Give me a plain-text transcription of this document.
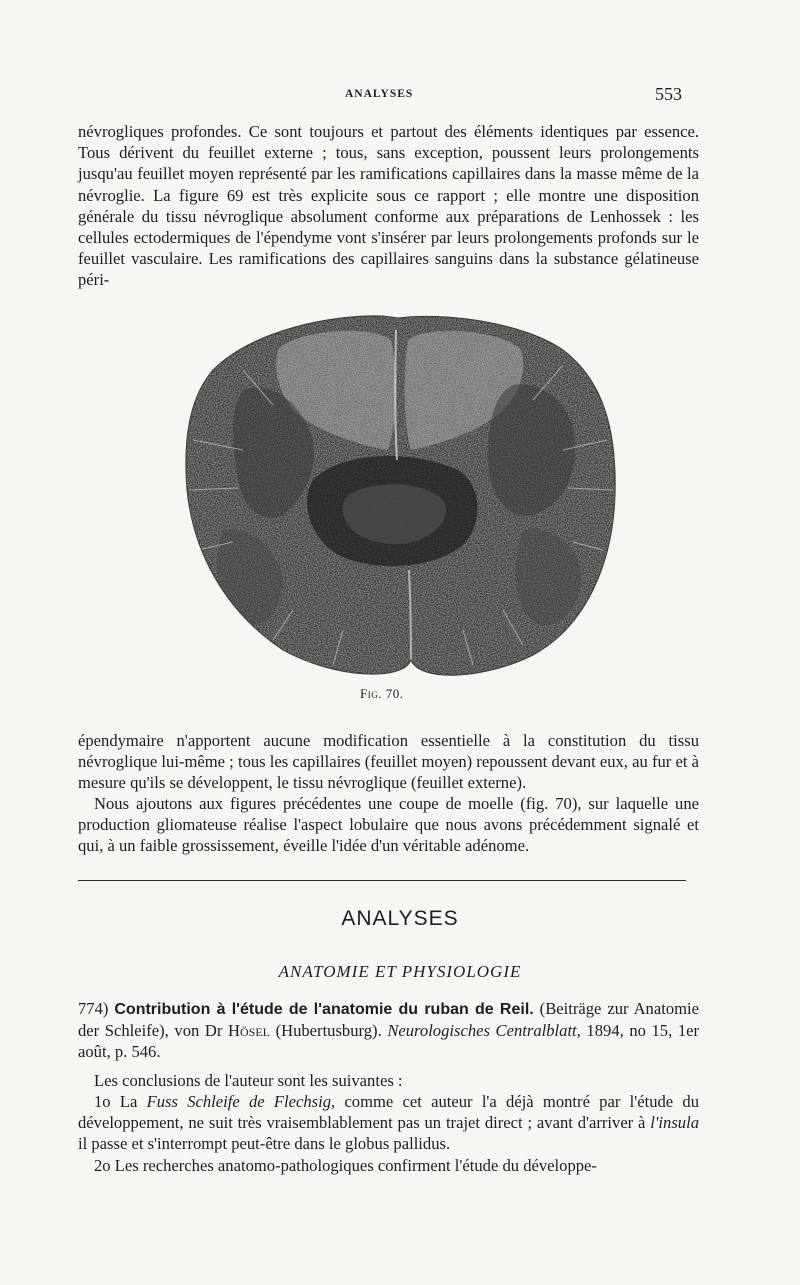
ANALYSES	553

névrogliques profondes. Ce sont toujours et partout des éléments identiques par essence. Tous dérivent du feuillet externe ; tous, sans exception, poussent leurs prolongements jusqu'au feuillet moyen représenté par les ramifications capillaires dans la masse même de la névroglie. La figure 69 est très explicite sous ce rapport ; elle montre une disposition générale du tissu névroglique absolument conforme aux préparations de Lenhossek : les cellules ectodermiques de l'épendyme vont s'insérer par leurs prolongements profonds sur le feuillet vasculaire. Les ramifications des capillaires sanguins dans la substance gélatineuse péri-

Fig. 70.

épendymaire n'apportent aucune modification essentielle à la constitution du tissu névroglique lui-même ; tous les capillaires (feuillet moyen) repoussent devant eux, au fur et à mesure qu'ils se développent, le tissu névroglique (feuillet externe).

Nous ajoutons aux figures précédentes une coupe de moelle (fig. 70), sur laquelle une production gliomateuse réalise l'aspect lobulaire que nous avons précédemment signalé et qui, à un faible grossissement, éveille l'idée d'un véritable adénome.

ANALYSES
ANATOMIE ET PHYSIOLOGIE

774) Contribution à l'étude de l'anatomie du ruban de Reil. (Beiträge zur Anatomie der Schleife), von Dr Hösel (Hubertusburg). Neurologisches Centralblatt, 1894, no 15, 1er août, p. 546.

Les conclusions de l'auteur sont les suivantes :

1o La Fuss Schleife de Flechsig, comme cet auteur l'a déjà montré par l'étude du développement, ne suit très vraisemblablement pas un trajet direct ; avant d'arriver à l'insula il passe et s'interrompt peut-être dans le globus pallidus.

2o Les recherches anatomo-pathologiques confirment l'étude du développe-
